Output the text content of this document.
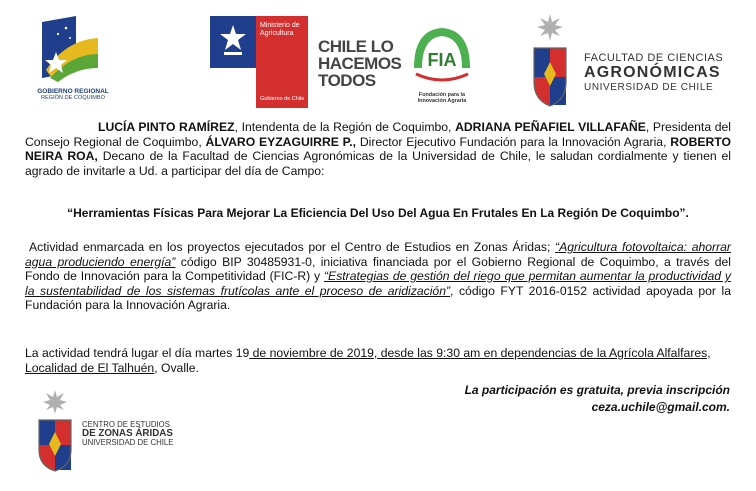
GOBIERNO REGIONAL
REGIÓN DE COQUIMBO
Ministerio de Agricultura
Gobierno de Chile
CHILE LO
HACEMOS
TODOS
FIA
Fundación para la Innovación Agraria
FACULTAD DE CIENCIAS
AGRONÓMICAS
UNIVERSIDAD DE CHILE
LUCÍA PINTO RAMÍREZ, Intendenta de la Región de Coquimbo, ADRIANA PEÑAFIEL VILLAFAÑE, Presidenta del Consejo Regional de Coquimbo, ÁLVARO EYZAGUIRRE P., Director Ejecutivo Fundación para la Innovación Agraria, ROBERTO NEIRA ROA, Decano de la Facultad de Ciencias Agronómicas de la Universidad de Chile, le saludan cordialmente y tienen el agrado de invitarle a Ud. a participar del día de Campo:
“Herramientas Físicas Para Mejorar La Eficiencia Del Uso Del Agua En Frutales En La Región De Coquimbo”.
Actividad enmarcada en los proyectos ejecutados por el Centro de Estudios en Zonas Áridas; “Agricultura fotovoltaica: ahorrar agua produciendo energía” código BIP 30485931-0, iniciativa financiada por el Gobierno Regional de Coquimbo, a través del Fondo de Innovación para la Competitividad (FIC-R) y “Estrategias de gestión del riego que permitan aumentar la productividad y la sustentabilidad de los sistemas frutícolas ante el proceso de aridización”, código FYT 2016-0152 actividad apoyada por la Fundación para la Innovación Agraria.
La actividad tendrá lugar el día martes 19 de noviembre de 2019, desde las 9:30 am en dependencias de la Agrícola Alfalfares, Localidad de El Talhuén, Ovalle.
La participación es gratuita, previa inscripción
ceza.uchile@gmail.com.
CENTRO DE ESTUDIOS
DE ZONAS ÁRIDAS
UNIVERSIDAD DE CHILE
